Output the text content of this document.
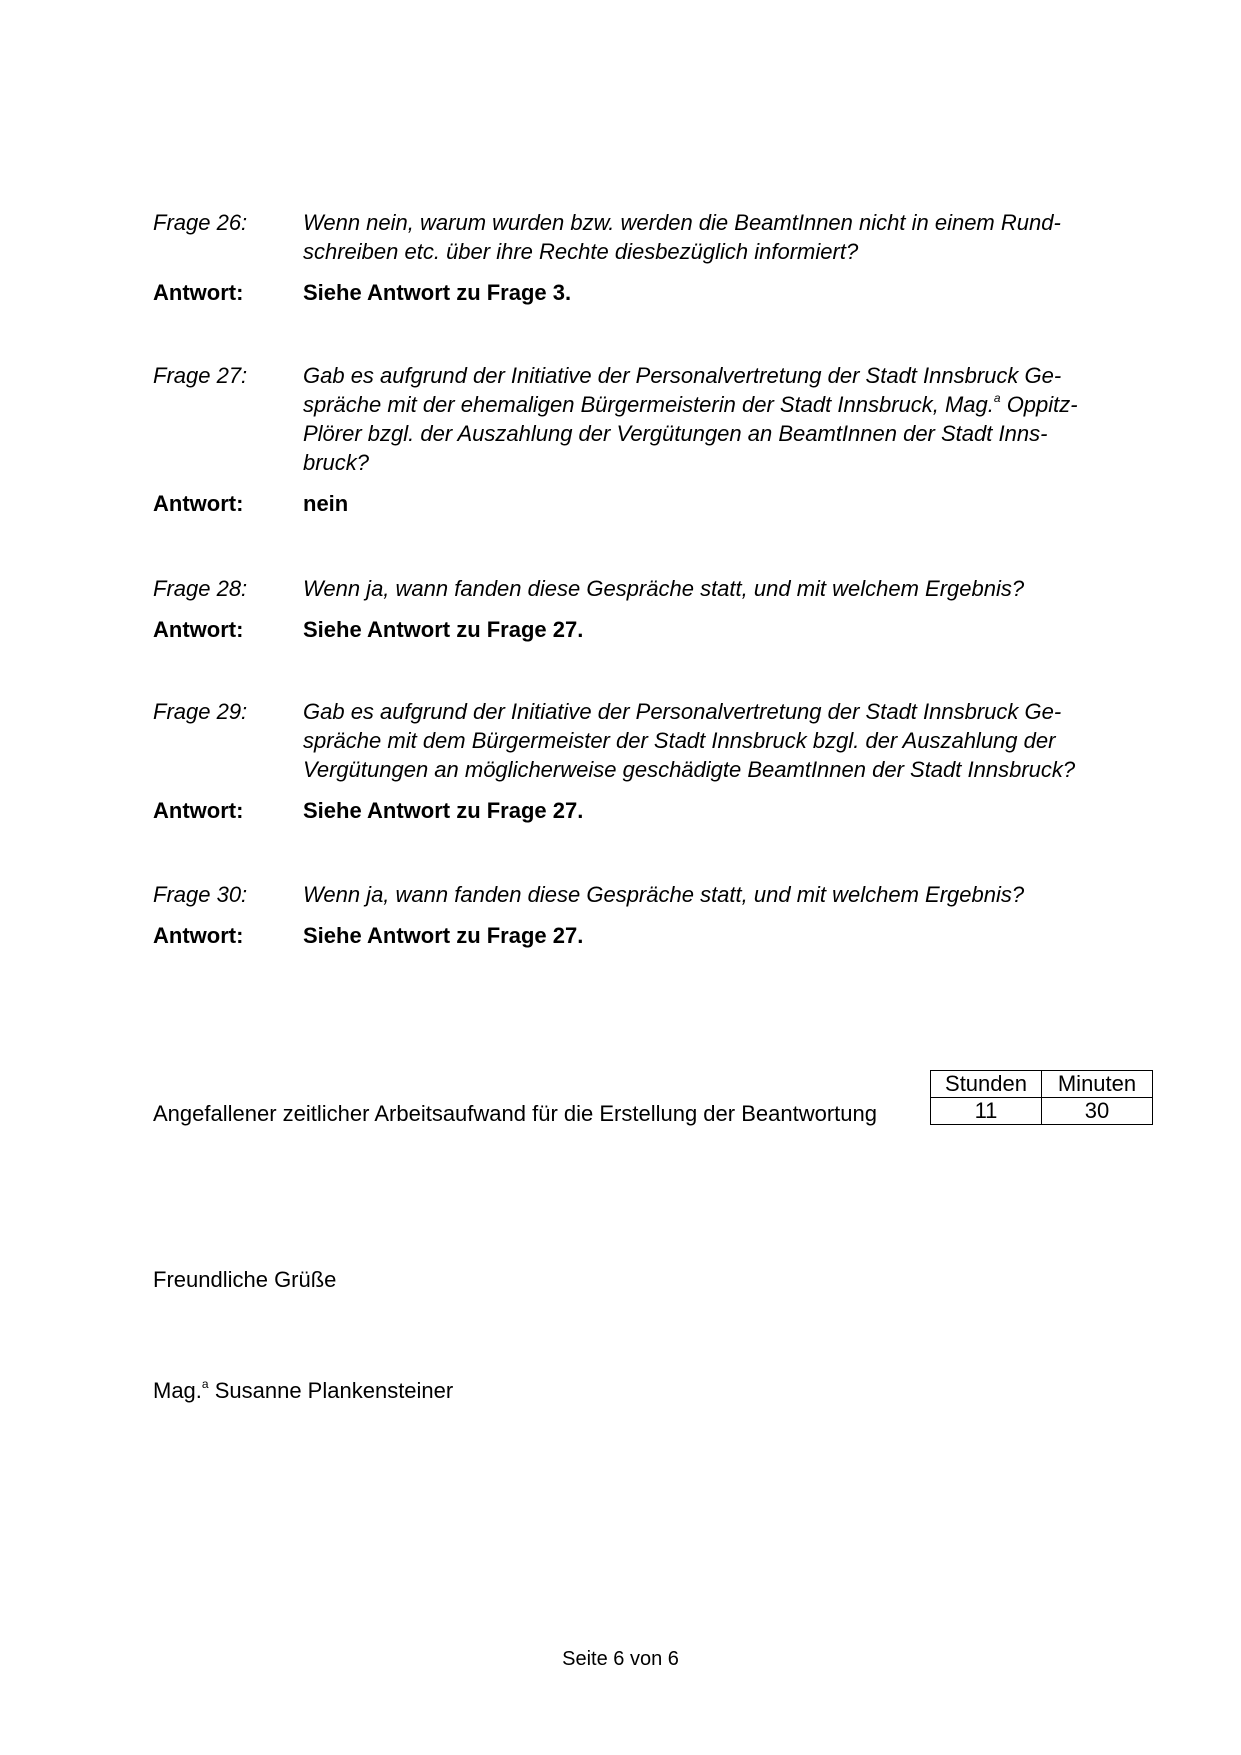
Frage 26:	Wenn nein, warum wurden bzw. werden die BeamtInnen nicht in einem Rund-
schreiben etc. über ihre Rechte diesbezüglich informiert?
Antwort:	Siehe Antwort zu Frage 3.
Frage 27:	Gab es aufgrund der Initiative der Personalvertretung der Stadt Innsbruck Ge-
spräche mit der ehemaligen Bürgermeisterin der Stadt Innsbruck, Mag.$^a$ Oppitz-
Plörer bzgl. der Auszahlung der Vergütungen an BeamtInnen der Stadt Inns-
bruck?
Antwort:	nein
Frage 28:	Wenn ja, wann fanden diese Gespräche statt, und mit welchem Ergebnis?
Antwort:	Siehe Antwort zu Frage 27.
Frage 29:	Gab es aufgrund der Initiative der Personalvertretung der Stadt Innsbruck Ge-
spräche mit dem Bürgermeister der Stadt Innsbruck bzgl. der Auszahlung der
Vergütungen an möglicherweise geschädigte BeamtInnen der Stadt Innsbruck?
Antwort:	Siehe Antwort zu Frage 27.
Frage 30:	Wenn ja, wann fanden diese Gespräche statt, und mit welchem Ergebnis?
Antwort:	Siehe Antwort zu Frage 27.
Angefallener zeitlicher Arbeitsaufwand für die Erstellung der Beantwortung
Stunden	Minuten
11	30
Freundliche Grüße
Mag.$^a$ Susanne Plankensteiner
Seite 6 von 6
